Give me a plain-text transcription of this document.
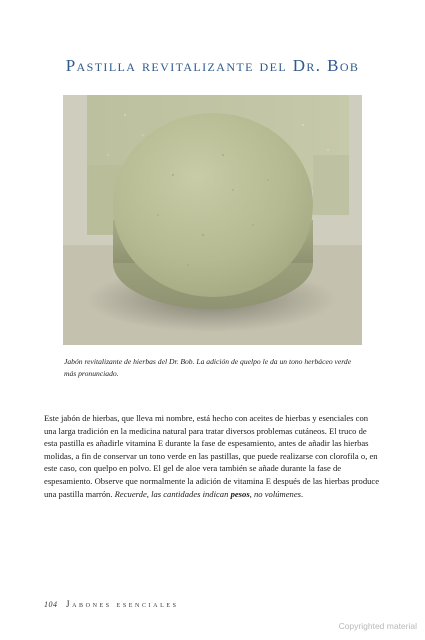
Pastilla revitalizante del Dr. Bob
Jabón revitalizante de hierbas del Dr. Bob. La adición de quelpo le da un tono herbáceo verde más pronunciado.
Este jabón de hierbas, que lleva mi nombre, está hecho con aceites de hierbas y esenciales con una larga tradición en la medicina natural para tratar diversos problemas cutáneos. El truco de esta pastilla es añadirle vitamina E durante la fase de espesamiento, antes de añadir las hierbas molidas, a fin de conservar un tono verde en las pastillas, que puede realizarse con clorofila o, en este caso, con quelpo en polvo. El gel de aloe vera también se añade durante la fase de espesamiento. Observe que normalmente la adición de vitamina E después de las hierbas produce una pastilla marrón. Recuerde, las cantidades indican pesos, no volúmenes.
104 Jabones esenciales
Copyrighted material
